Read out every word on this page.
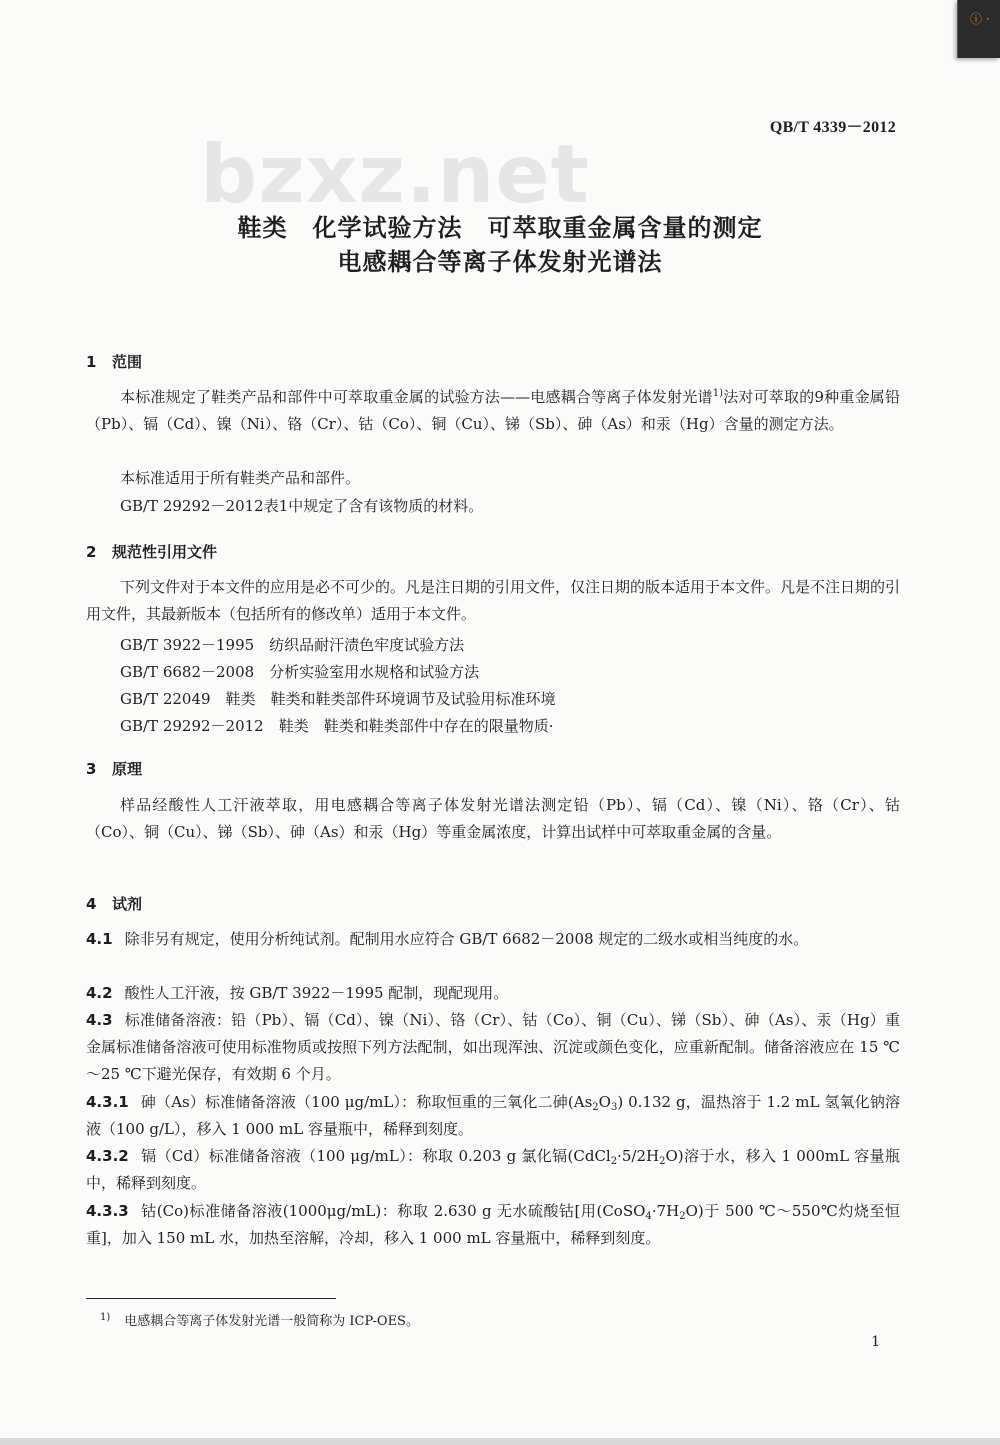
ⓘ ·
QB/T 4339－2012
bzxz.net
鞋类　化学试验方法　可萃取重金属含量的测定
电感耦合等离子体发射光谱法
1 范围
本标准规定了鞋类产品和部件中可萃取重金属的试验方法——电感耦合等离子体发射光谱$^{1)}$法对可萃取的9种重金属铅（Pb）、镉（Cd）、镍（Ni）、铬（Cr）、钴（Co）、铜（Cu）、锑（Sb）、砷（As）和汞（Hg）含量的测定方法。
本标准适用于所有鞋类产品和部件。
GB/T 29292－2012表1中规定了含有该物质的材料。
2 规范性引用文件
下列文件对于本文件的应用是必不可少的。凡是注日期的引用文件，仅注日期的版本适用于本文件。凡是不注日期的引用文件，其最新版本（包括所有的修改单）适用于本文件。
GB/T 3922－1995　纺织品耐汗渍色牢度试验方法
GB/T 6682－2008　分析实验室用水规格和试验方法
GB/T 22049　鞋类　鞋类和鞋类部件环境调节及试验用标准环境
GB/T 29292－2012　鞋类　鞋类和鞋类部件中存在的限量物质·
3 原理
样品经酸性人工汗液萃取，用电感耦合等离子体发射光谱法测定铅（Pb）、镉（Cd）、镍（Ni）、铬（Cr）、钴（Co）、铜（Cu）、锑（Sb）、砷（As）和汞（Hg）等重金属浓度，计算出试样中可萃取重金属的含量。
4 试剂
4.1 除非另有规定，使用分析纯试剂。配制用水应符合 GB/T 6682－2008 规定的二级水或相当纯度的水。
4.2 酸性人工汗液，按 GB/T 3922－1995 配制，现配现用。
4.3 标准储备溶液：铅（Pb）、镉（Cd）、镍（Ni）、铬（Cr）、钴（Co）、铜（Cu）、锑（Sb）、砷（As）、汞（Hg）重金属标准储备溶液可使用标准物质或按照下列方法配制，如出现浑浊、沉淀或颜色变化，应重新配制。储备溶液应在 15 ℃～25 ℃下避光保存，有效期 6 个月。
4.3.1 砷（As）标准储备溶液（100 μg/mL）：称取恒重的三氧化二砷$(As_2O_3)$ 0.132 g，温热溶于 1.2 mL 氢氧化钠溶液（100 g/L），移入 1 000 mL 容量瓶中，稀释到刻度。
4.3.2 镉（Cd）标准储备溶液（100 μg/mL）：称取 0.203 g 氯化镉$(CdCl_2\cdot 5/2H_2O)$溶于水，移入 1 000mL 容量瓶中，稀释到刻度。
4.3.3 钴(Co)标准储备溶液(1000μg/mL)：称取 2.630 g 无水硫酸钴[用$(CoSO_4\cdot 7H_2O)$于 500 ℃～550℃灼烧至恒重]，加入 150 mL 水，加热至溶解，冷却，移入 1 000 mL 容量瓶中，稀释到刻度。
$^{1)}$ 电感耦合等离子体发射光谱一般简称为 ICP-OES。
1
